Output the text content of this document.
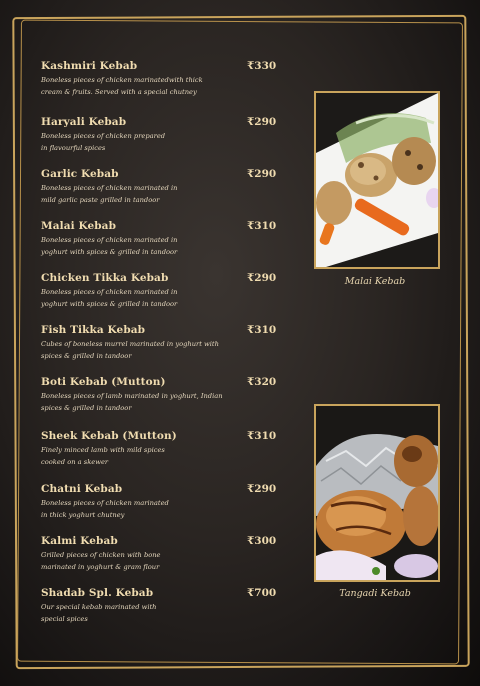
Kashmiri Kebab	₹330
Boneless pieces of chicken marinatedwith thick
cream & fruits. Served with a special chutney
Haryali Kebab	₹290
Boneless pieces of chicken prepared
in flavourful spices
Garlic Kebab	₹290
Boneless pieces of chicken marinated in
mild garlic paste grilled in tandoor
Malai Kebab	₹310
Boneless pieces of chicken marinated in
yoghurt with spices & grilled in tandoor
Chicken Tikka Kebab	₹290
Boneless pieces of chicken marinated in
yoghurt with spices & grilled in tandoor
Fish Tikka Kebab	₹310
Cubes of boneless murrel marinated in yoghurt with
spices & grilled in tandoor
Boti Kebab (Mutton)	₹320
Boneless pieces of lamb marinated in yoghurt, Indian
spices & grilled in tandoor
Sheek Kebab (Mutton)	₹310
Finely minced lamb with mild spices
cooked on a skewer
Chatni Kebab	₹290
Boneless pieces of chicken marinated
in thick yoghurt chutney
Kalmi Kebab	₹300
Grilled pieces of chicken with bone
marinated in yoghurt & gram flour
Shadab Spl. Kebab	₹700
Our special kebab marinated with
special spices
Malai Kebab
Tangadi Kebab
